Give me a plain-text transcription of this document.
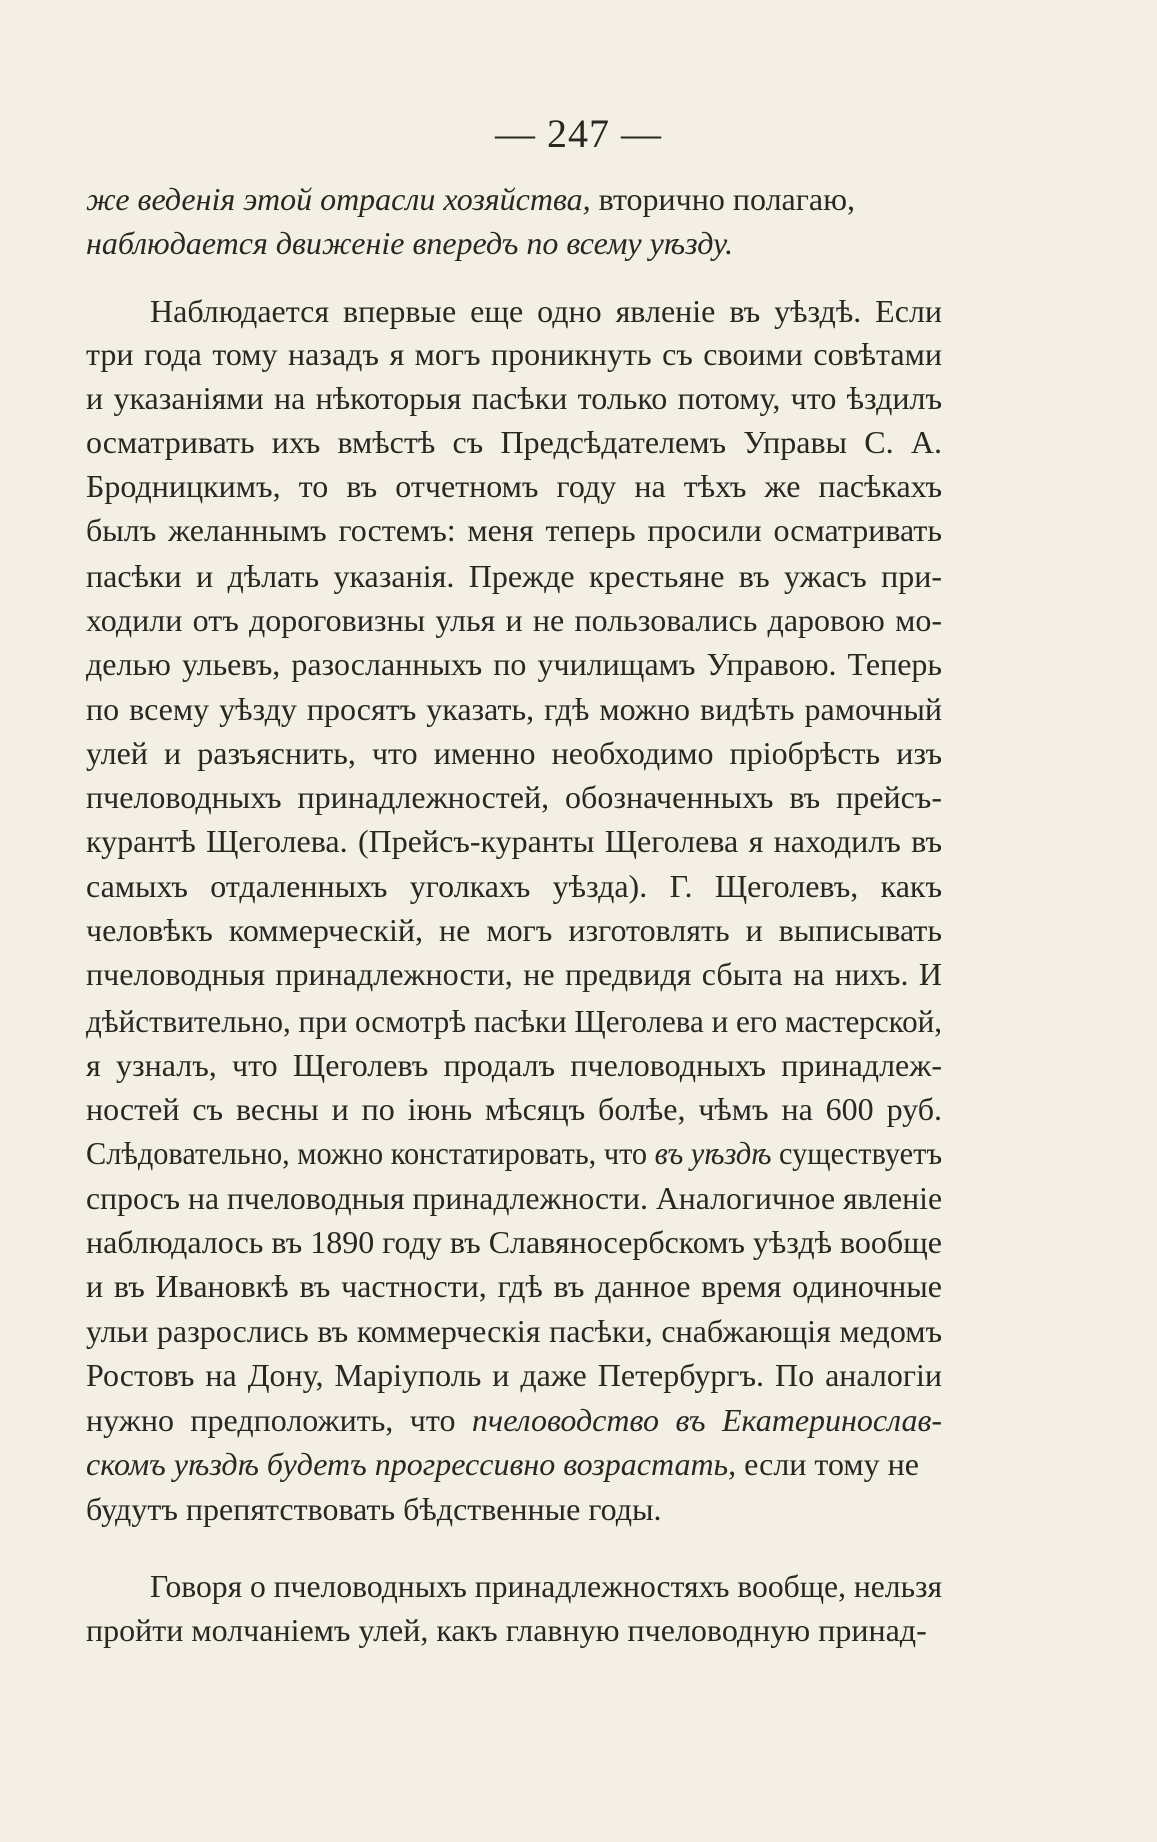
— 247 —
же веденія этой отрасли хозяйства, вторично полагаю,
наблюдается движеніе впередъ по всему уѣзду.
Наблюдается впервые еще одно явленіе въ уѣздѣ. Если
три года тому назадъ я могъ проникнуть съ своими совѣтами
и указаніями на нѣкоторыя пасѣки только потому, что ѣздилъ
осматривать ихъ вмѣстѣ съ Предсѣдателемъ Управы С. А.
Бродницкимъ, то въ отчетномъ году на тѣхъ же пасѣкахъ
былъ желаннымъ гостемъ: меня теперь просили осматривать
пасѣки и дѣлать указанія. Прежде крестьяне въ ужасъ при-
ходили отъ дороговизны улья и не пользовались даровою мо-
делью ульевъ, разосланныхъ по училищамъ Управою. Теперь
по всему уѣзду просятъ указать, гдѣ можно видѣть рамочный
улей и разъяснить, что именно необходимо пріобрѣсть изъ
пчеловодныхъ принадлежностей, обозначенныхъ въ прейсъ-
курантѣ Щеголева. (Прейсъ-куранты Щеголева я находилъ въ
самыхъ отдаленныхъ уголкахъ уѣзда). Г. Щеголевъ, какъ
человѣкъ коммерческій, не могъ изготовлять и выписывать
пчеловодныя принадлежности, не предвидя сбыта на нихъ. И
дѣйствительно, при осмотрѣ пасѣки Щеголева и его мастерской,
я узналъ, что Щеголевъ продалъ пчеловодныхъ принадлеж-
ностей съ весны и по іюнь мѣсяцъ болѣе, чѣмъ на 600 руб.
Слѣдовательно, можно констатировать, что въ уѣздѣ существуетъ
спросъ на пчеловодныя принадлежности. Аналогичное явленіе
наблюдалось въ 1890 году въ Славяносербскомъ уѣздѣ вообще
и въ Ивановкѣ въ частности, гдѣ въ данное время одиночные
ульи разрослись въ коммерческія пасѣки, снабжающія медомъ
Ростовъ на Дону, Маріуполь и даже Петербургъ. По аналогіи
нужно предположить, что пчеловодство въ Екатеринослав-
скомъ уѣздѣ будетъ прогрессивно возрастать, если тому не
будутъ препятствовать бѣдственные годы.
Говоря о пчеловодныхъ принадлежностяхъ вообще, нельзя
пройти молчаніемъ улей, какъ главную пчеловодную принад-
